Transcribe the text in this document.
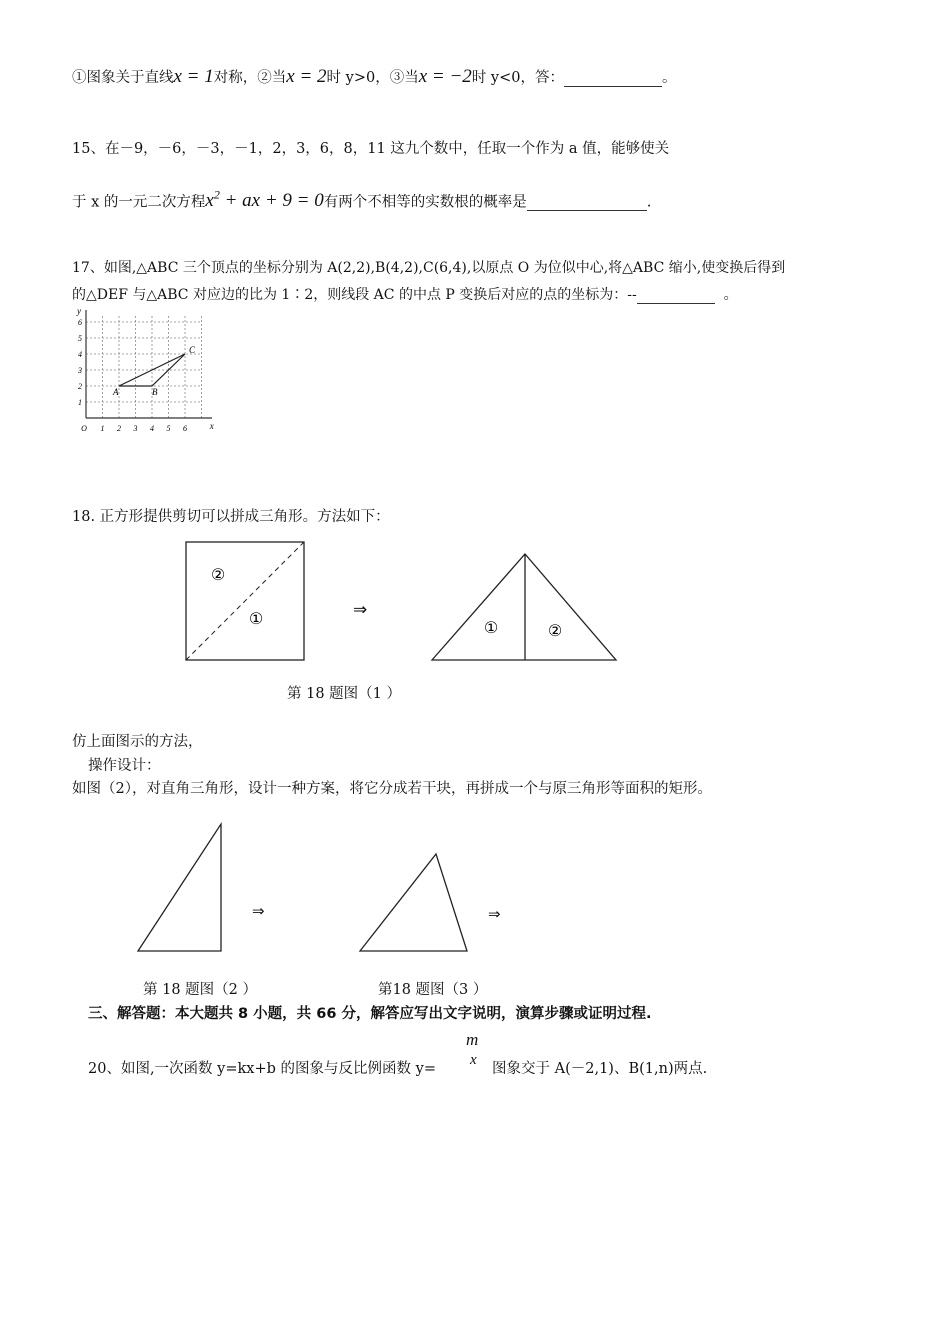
①图象关于直线x = 1对称，②当x = 2时 y>0，③当x = −2时 y<0，答：	。
15、在－9，－6，－3，－1，2，3，6，8，11 这九个数中，任取一个作为 a 值，能够使关
于 x 的一元二次方程$x^2$ + ax + 9 = 0有两个不相等的实数根的概率是	.
17、如图,△ABC 三个顶点的坐标分别为 A(2,2),B(4,2),C(6,4),以原点 O 为位似中心,将△ABC 缩小,使变换后得到
的△DEF 与△ABC 对应边的比为 1∶2，则线段 AC 的中点 P 变换后对应的点的坐标为：--	。
O 1 2 3 4 5 6
1
2
3
4
5
6
x
y
A	B
C
18. 正方形提供剪切可以拼成三角形。方法如下：
②
①	⇒
①	②
第 18 题图（1 ）
仿上面图示的方法，
操作设计：
如图（2），对直角三角形，设计一种方案，将它分成若干块，再拼成一个与原三角形等面积的矩形。
⇒	⇒
第 18 题图（2 ）	第18 题图（3 ）
三、解答题：本大题共 8 小题，共 66 分，解答应写出文字说明，演算步骤或证明过程.
20、如图,一次函数 y=kx+b 的图象与反比例函数 y=
m
x
图象交于 A(－2,1)、B(1,n)两点.
